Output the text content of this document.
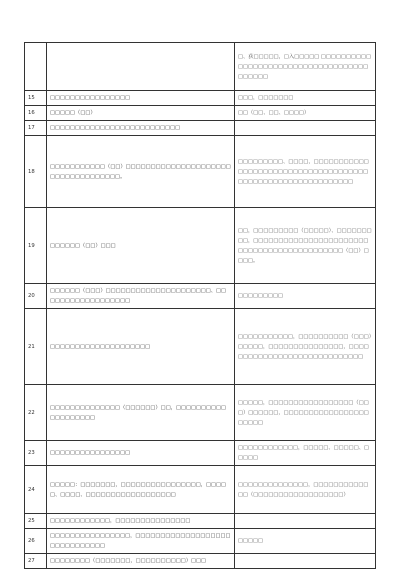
		□、获□□□□□，□入□□□□□ □□□□□□□□□□□□□□□□□□□□□□□□□□□□□□□□□□□□□□□□□□
15	□□□□□□□□□□□□□□□□	□□□，□□□□□□□
16	□□□□□（□□）	□□（□□、□□、□□□□）
17	□□□□□□□□□□□□□□□□□□□□□□□□□□	
18	□□□□□□□□□□□（□□）□□□□□□□□□□□□□□□□□□□□□□□□□□□□□□□□□□□。	□□□□□□□□□、□□□□，□□□□□□□□□□□□□□□□□□□□□□□□□□□□□□□□□□□□□□□□□□□□□□□□□□□□□□□□□□□□
19	□□□□□□（□□）□□□	□□，□□□□□□□□□（□□□□□）、□□□□□□□□□，□□□□□□□□□□□□□□□□□□□□□□□□□□□□□□□□□□□□□□□□□□□□（□□）□□□□。
20	□□□□□□（□□□）□□□□□□□□□□□□□□□□□□□□□、□□□□□□□□□□□□□□□□□□	□□□□□□□□□
21	□□□□□□□□□□□□□□□□□□□□	□□□□□□□□□□□，□□□□□□□□□□（□□□）□□□□□，□□□□□□□□□□□□□□□，□□□□□□□□□□□□□□□□□□□□□□□□□□□□□
22	□□□□□□□□□□□□□□（□□□□□□）□□，□□□□□□□□□□□□□□□□□□□	□□□□□，□□□□□□□□□□□□□□□□□（□□□）□□□□□□，□□□□□□□□□□□□□□□□□□□□□□
23	□□□□□□□□□□□□□□□□	□□□□□□□□□□□□，□□□□□、□□□□□、□□□□□
24	□□□□□：□□□□□□□，□□□□□□□□□□□□□□□□，□□□□□、□□□□、□□□□□□□□□□□□□□□□□□	□□□□□□□□□□□□□□，□□□□□□□□□□□□□（□□□□□□□□□□□□□□□□□□）
25	□□□□□□□□□□□□，□□□□□□□□□□□□□□□	
26	□□□□□□□□□□□□□□□□，□□□□□□□□□□□□□□□□□□□□□□□□□□□□□□	□□□□□
27	□□□□□□□□（□□□□□□□，□□□□□□□□□□）□□□	
